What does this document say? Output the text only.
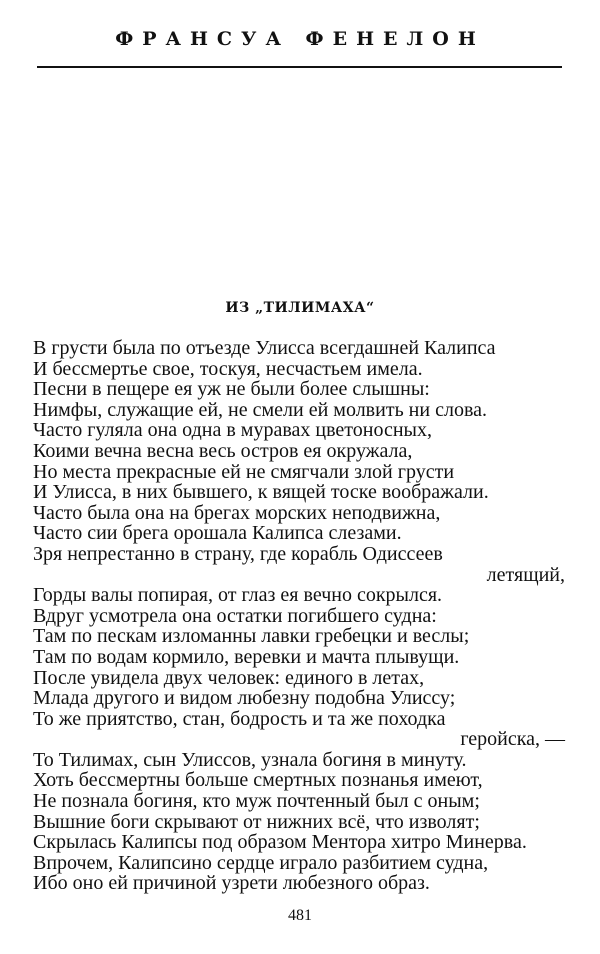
ФРАНСУА ФЕНЕЛОН
ИЗ „ТИЛИМАХА“
В грусти была по отъезде Улисса всегдашней Калипса
И бессмертье свое, тоскуя, несчастьем имела.
Песни в пещере ея уж не были более слышны:
Нимфы, служащие ей, не смели ей молвить ни слова.
Часто гуляла она одна в муравах цветоносных,
Коими вечна весна весь остров ея окружала,
Но места прекрасные ей не смягчали злой грусти
И Улисса, в них бывшего, к вящей тоске воображали.
Часто была она на брегах морских неподвижна,
Часто сии брега орошала Калипса слезами.
Зря непрестанно в страну, где корабль Одиссеев
летящий,
Горды валы попирая, от глаз ея вечно сокрылся.
Вдруг усмотрела она остатки погибшего судна:
Там по пескам изломанны лавки гребецки и веслы;
Там по водам кормило, веревки и мачта плывущи.
После увидела двух человек: единого в летах,
Млада другого и видом любезну подобна Улиссу;
То же приятство, стан, бодрость и та же походка
геройска, —
То Тилимах, сын Улиссов, узнала богиня в минуту.
Хоть бессмертны больше смертных познанья имеют,
Не познала богиня, кто муж почтенный был с оным;
Вышние боги скрывают от нижних всё, что изволят;
Скрылась Калипсы под образом Ментора хитро Минерва.
Впрочем, Калипсино сердце играло разбитием судна,
Ибо оно ей причиной узрети любезного образ.
481
